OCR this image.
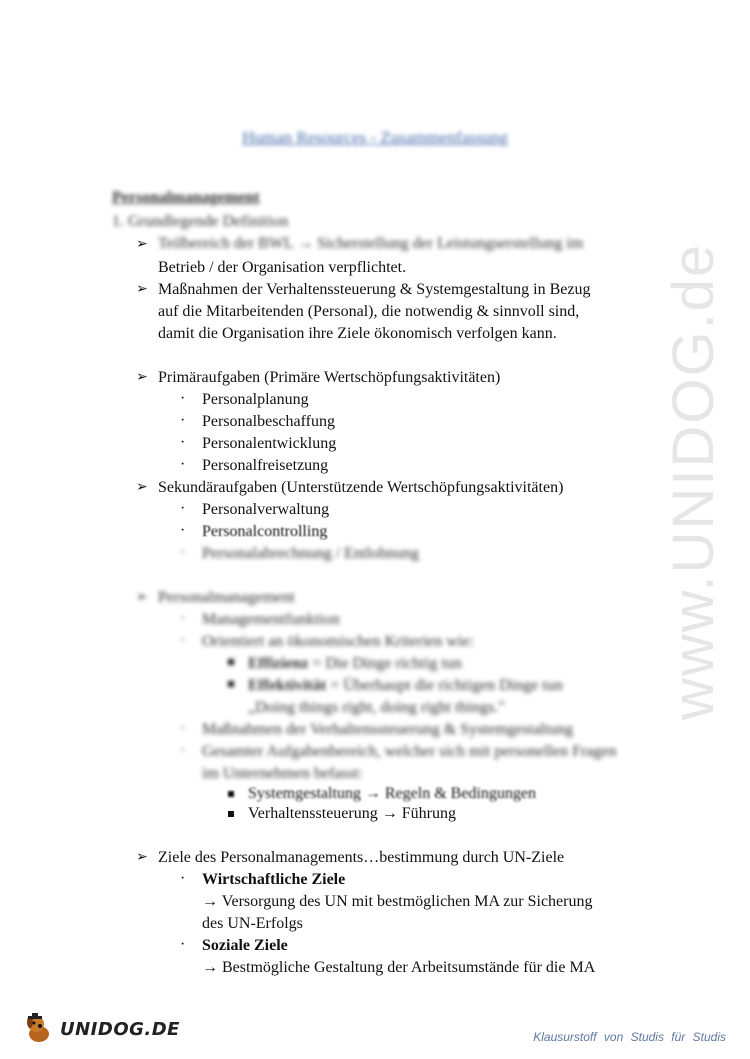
Human Resources - Zusammenfassung
Personalmanagement
1. Grundlegende Definition
➢ Teilbereich der BWL → Sicherstellung der Leistungserstellung im
Betrieb / der Organisation verpflichtet.
➢ Maßnahmen der Verhaltenssteuerung & Systemgestaltung in Bezug
auf die Mitarbeitenden (Personal), die notwendig & sinnvoll sind,
damit die Organisation ihre Ziele ökonomisch verfolgen kann.
➢ Primäraufgaben (Primäre Wertschöpfungsaktivitäten)
· Personalplanung
· Personalbeschaffung
· Personalentwicklung
· Personalfreisetzung
➢ Sekundäraufgaben (Unterstützende Wertschöpfungsaktivitäten)
· Personalverwaltung
· Personalcontrolling
· Personalabrechnung / Entlohnung
➢ Personalmanagement
· Managementfunktion
· Orientiert an ökonomischen Kriterien wie:
Effizienz = Die Dinge richtig tun
Effektivität = Überhaupt die richtigen Dinge tun
„Doing things right, doing right things."
· Maßnahmen der Verhaltenssteuerung & Systemgestaltung
· Gesamter Aufgabenbereich, welcher sich mit personellen Fragen
im Unternehmen befasst:
Systemgestaltung → Regeln & Bedingungen
Verhaltenssteuerung → Führung
➢ Ziele des Personalmanagements…bestimmung durch UN-Ziele
· Wirtschaftliche Ziele
→ Versorgung des UN mit bestmöglichen MA zur Sicherung
des UN-Erfolgs
· Soziale Ziele
→ Bestmögliche Gestaltung der Arbeitsumstände für die MA
www.UNIDOG.de
UNIDOG.DE	Klausurstoff von Studis für Studis
